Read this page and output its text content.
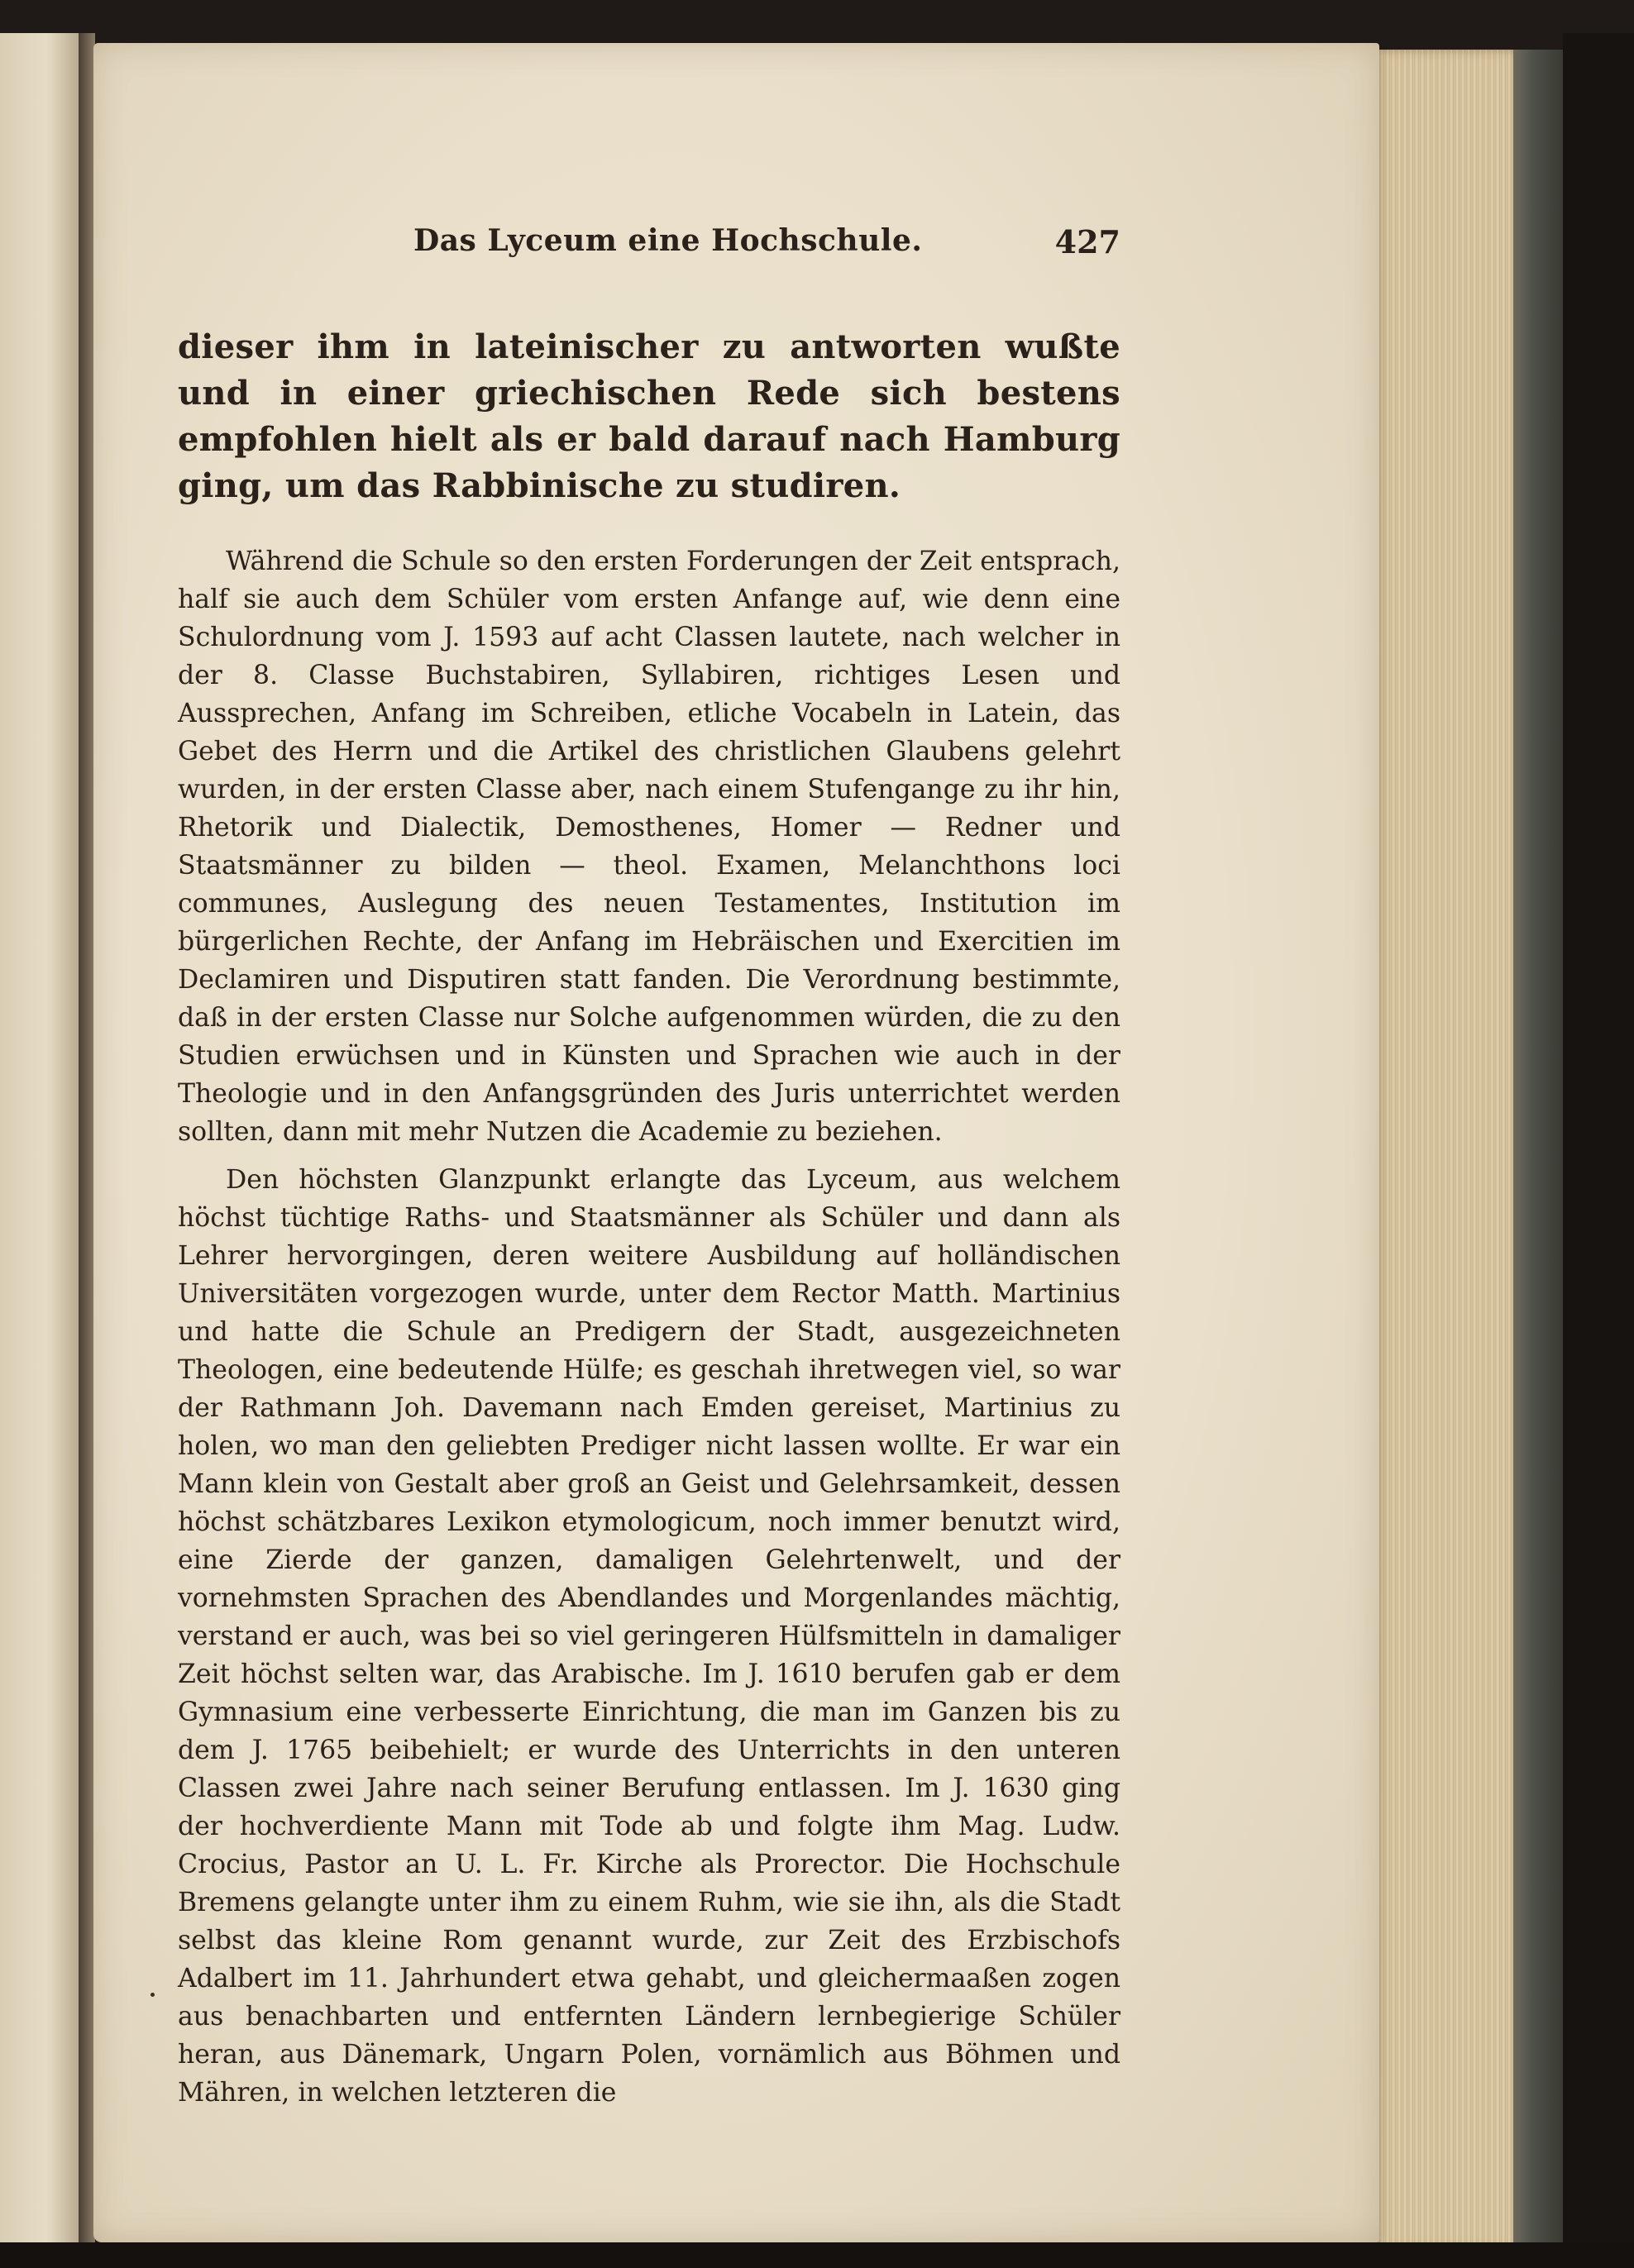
Das Lyceum eine Hochschule.	427

dieser ihm in lateinischer zu antworten wußte und in einer griechischen Rede sich bestens empfohlen hielt als er bald darauf nach Hamburg ging, um das Rabbinische zu studiren.

Während die Schule so den ersten Forderungen der Zeit entsprach, half sie auch dem Schüler vom ersten Anfange auf, wie denn eine Schulordnung vom J. 1593 auf acht Classen lautete, nach welcher in der 8. Classe Buchstabiren, Syllabiren, richtiges Lesen und Aussprechen, Anfang im Schreiben, etliche Vocabeln in Latein, das Gebet des Herrn und die Artikel des christlichen Glaubens gelehrt wurden, in der ersten Classe aber, nach einem Stufengange zu ihr hin, Rhetorik und Dialectik, Demosthenes, Homer — Redner und Staatsmänner zu bilden — theol. Examen, Melanchthons loci communes, Auslegung des neuen Testamentes, Institution im bürgerlichen Rechte, der Anfang im Hebräischen und Exercitien im Declamiren und Disputiren statt fanden. Die Verordnung bestimmte, daß in der ersten Classe nur Solche aufgenommen würden, die zu den Studien erwüchsen und in Künsten und Sprachen wie auch in der Theologie und in den Anfangsgründen des Juris unterrichtet werden sollten, dann mit mehr Nutzen die Academie zu beziehen.

Den höchsten Glanzpunkt erlangte das Lyceum, aus welchem höchst tüchtige Raths- und Staatsmänner als Schüler und dann als Lehrer hervorgingen, deren weitere Ausbildung auf holländischen Universitäten vorgezogen wurde, unter dem Rector Matth. Martinius und hatte die Schule an Predigern der Stadt, ausgezeichneten Theologen, eine bedeutende Hülfe; es geschah ihretwegen viel, so war der Rathmann Joh. Davemann nach Emden gereiset, Martinius zu holen, wo man den geliebten Prediger nicht lassen wollte. Er war ein Mann klein von Gestalt aber groß an Geist und Gelehrsamkeit, dessen höchst schätzbares Lexikon etymologicum, noch immer benutzt wird, eine Zierde der ganzen, damaligen Gelehrtenwelt, und der vornehmsten Sprachen des Abendlandes und Morgenlandes mächtig, verstand er auch, was bei so viel geringeren Hülfsmitteln in damaliger Zeit höchst selten war, das Arabische. Im J. 1610 berufen gab er dem Gymnasium eine verbesserte Einrichtung, die man im Ganzen bis zu dem J. 1765 beibehielt; er wurde des Unterrichts in den unteren Classen zwei Jahre nach seiner Berufung entlassen. Im J. 1630 ging der hochverdiente Mann mit Tode ab und folgte ihm Mag. Ludw. Crocius, Pastor an U. L. Fr. Kirche als Prorector. Die Hochschule Bremens gelangte unter ihm zu einem Ruhm, wie sie ihn, als die Stadt selbst das kleine Rom genannt wurde, zur Zeit des Erzbischofs Adalbert im 11. Jahrhundert etwa gehabt, und gleichermaaßen zogen aus benachbarten und entfernten Ländern lernbegierige Schüler heran, aus Dänemark, Ungarn Polen, vornämlich aus Böhmen und Mähren, in welchen letzteren die
